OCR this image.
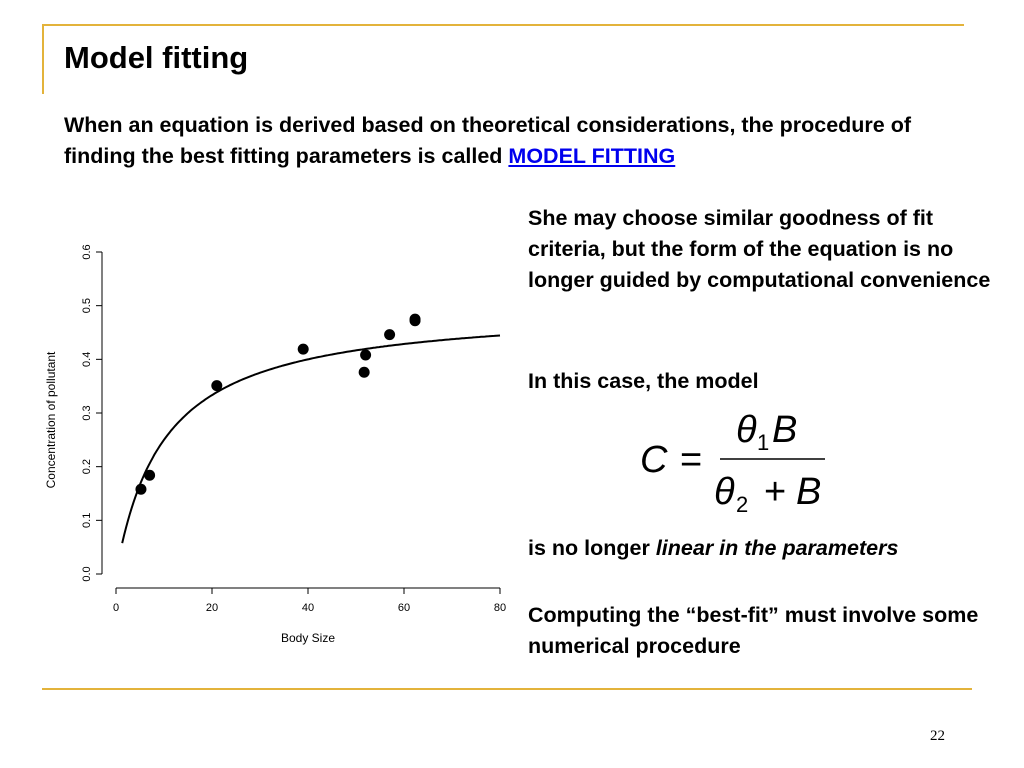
Model fitting
When an equation is derived based on theoretical considerations, the procedure of finding the best fitting parameters is called MODEL FITTING
0	20	40	60	80
0.0
0.1
0.2
0.3
0.4
0.5
0.6
Body Size
Concentration of pollutant
She may choose similar goodness of fit criteria, but the form of the equation is no longer guided by computational convenience
In this case, the model
C =
θ 1 B
θ 2 + B
is no longer linear in the parameters
Computing the “best-fit” must involve some numerical procedure
22
